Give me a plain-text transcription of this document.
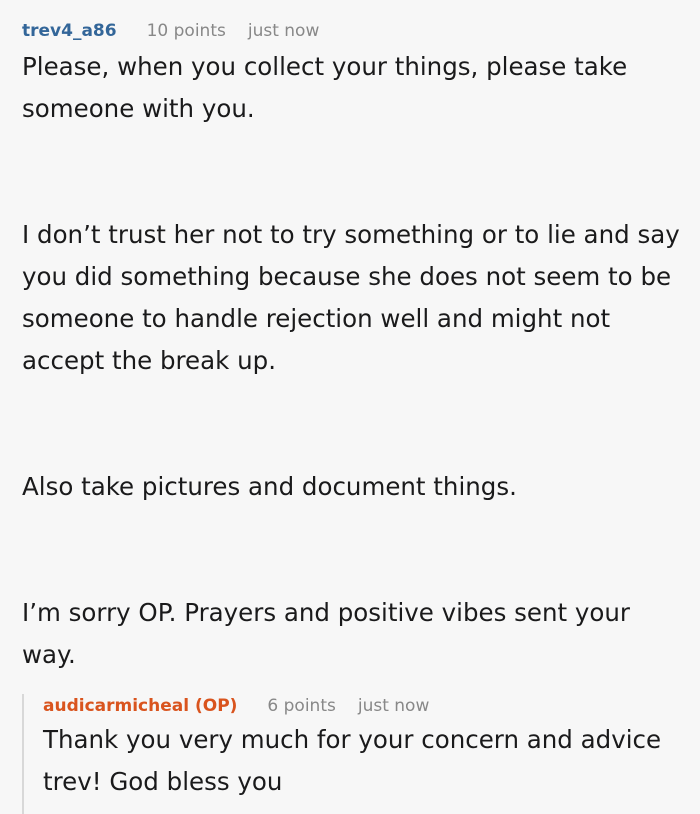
trev4_a86 10 points just now

Please, when you collect your things, please take someone with you.

I don’t trust her not to try something or to lie and say you did something because she does not seem to be someone to handle rejection well and might not accept the break up.

Also take pictures and document things.

I’m sorry OP. Prayers and positive vibes sent your way.

audicarmicheal (OP) 6 points just now

Thank you very much for your concern and advice trev! God bless you
